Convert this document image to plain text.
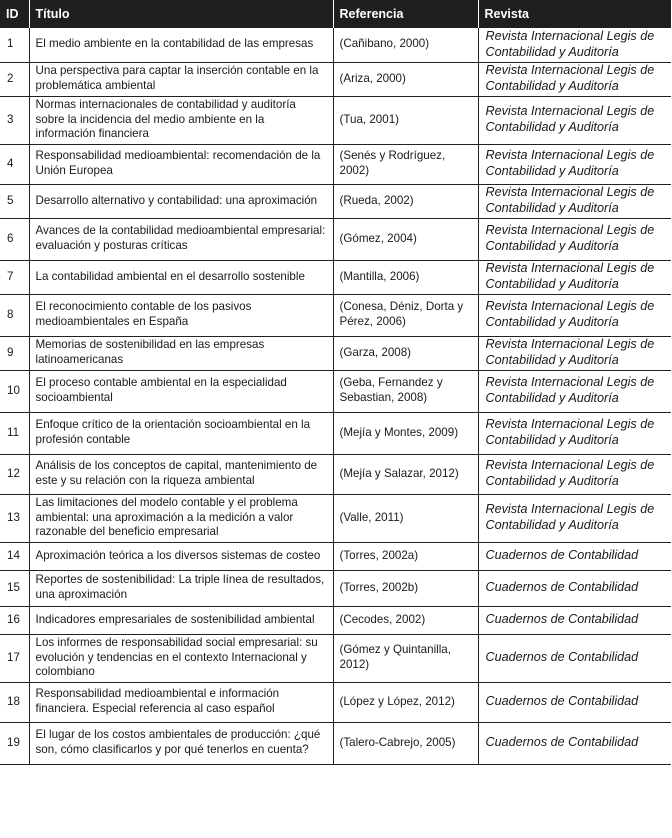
ID	Título	Referencia	Revista
1	El medio ambiente en la contabilidad de las empresas	(Cañibano, 2000)	Revista Internacional Legis de Contabilidad y Auditoría
2	Una perspectiva para captar la inserción contable en la problemática ambiental	(Ariza, 2000)	Revista Internacional Legis de Contabilidad y Auditoría
3	Normas internacionales de contabilidad y auditoría sobre la incidencia del medio ambiente en la información financiera	(Tua, 2001)	Revista Internacional Legis de Contabilidad y Auditoría
4	Responsabilidad medioambiental: recomendación de la Unión Europea	(Senés y Rodríguez, 2002)	Revista Internacional Legis de Contabilidad y Auditoría
5	Desarrollo alternativo y contabilidad: una aproximación	(Rueda, 2002)	Revista Internacional Legis de Contabilidad y Auditoría
6	Avances de la contabilidad medioambiental empresarial: evaluación y posturas críticas	(Gómez, 2004)	Revista Internacional Legis de Contabilidad y Auditoría
7	La contabilidad ambiental en el desarrollo sostenible	(Mantilla, 2006)	Revista Internacional Legis de Contabilidad y Auditoría
8	El reconocimiento contable de los pasivos medioambientales en España	(Conesa, Déniz, Dorta y Pérez, 2006)	Revista Internacional Legis de Contabilidad y Auditoría
9	Memorias de sostenibilidad en las empresas latinoamericanas	(Garza, 2008)	Revista Internacional Legis de Contabilidad y Auditoría
10	El proceso contable ambiental en la especialidad socioambiental	(Geba, Fernandez y Sebastian, 2008)	Revista Internacional Legis de Contabilidad y Auditoría
11	Enfoque crítico de la orientación socioambiental en la profesión contable	(Mejía y Montes, 2009)	Revista Internacional Legis de Contabilidad y Auditoría
12	Análisis de los conceptos de capital, mantenimiento de este y su relación con la riqueza ambiental	(Mejía y Salazar, 2012)	Revista Internacional Legis de Contabilidad y Auditoría
13	Las limitaciones del modelo contable y el problema ambiental: una aproximación a la medición a valor razonable del beneficio empresarial	(Valle, 2011)	Revista Internacional Legis de Contabilidad y Auditoría
14	Aproximación teórica a los diversos sistemas de costeo	(Torres, 2002a)	Cuadernos de Contabilidad
15	Reportes de sostenibilidad: La triple línea de resultados, una aproximación	(Torres, 2002b)	Cuadernos de Contabilidad
16	Indicadores empresariales de sostenibilidad ambiental	(Cecodes, 2002)	Cuadernos de Contabilidad
17	Los informes de responsabilidad social empresarial: su evolución y tendencias en el contexto Internacional y colombiano	(Gómez y Quintanilla, 2012)	Cuadernos de Contabilidad
18	Responsabilidad medioambiental e información financiera. Especial referencia al caso español	(López y López, 2012)	Cuadernos de Contabilidad
19	El lugar de los costos ambientales de producción: ¿qué son, cómo clasificarlos y por qué tenerlos en cuenta?	(Talero-Cabrejo, 2005)	Cuadernos de Contabilidad
